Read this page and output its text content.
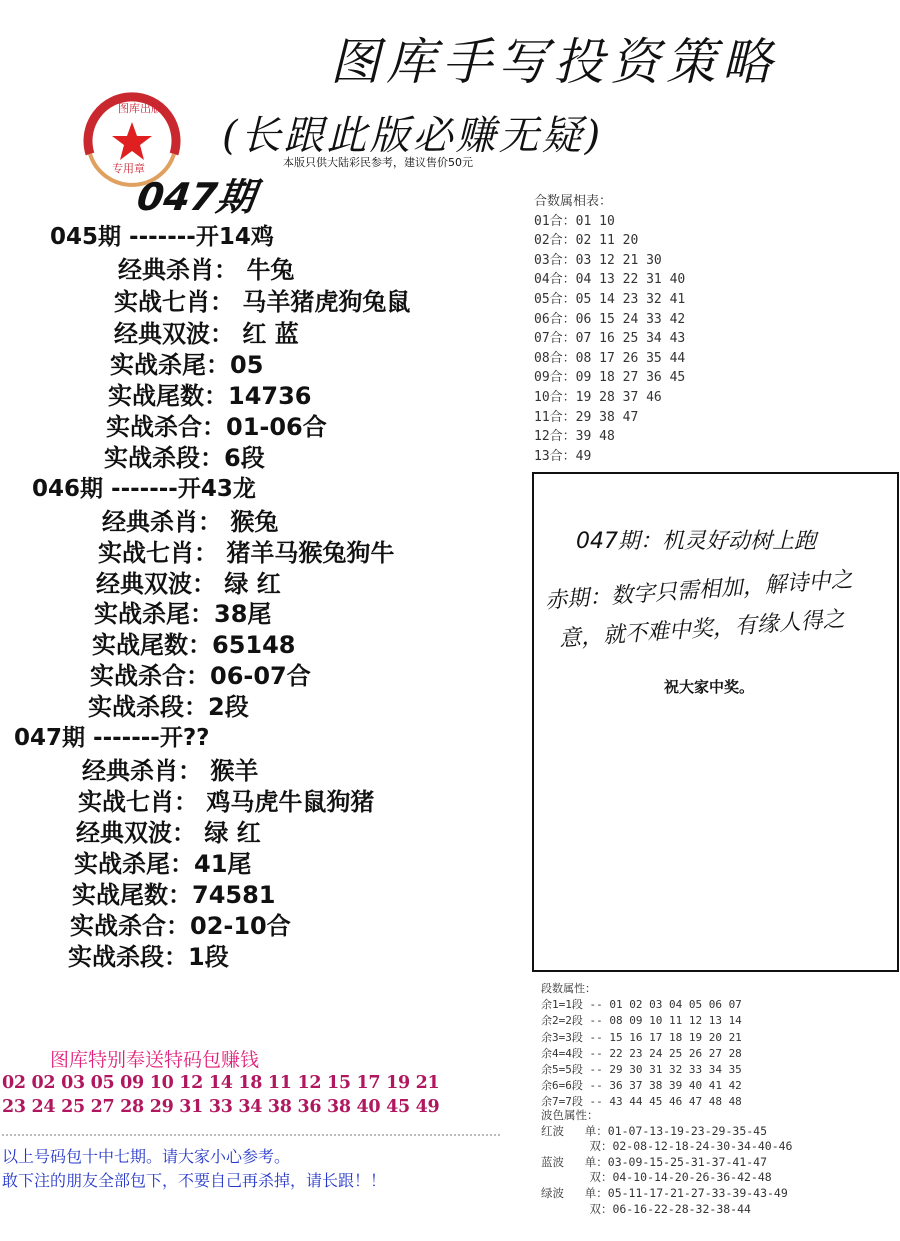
图库手写投资策略
图库出版
专用章
(长跟此版必赚无疑)
本版只供大陆彩民参考，建议售价50元
047期
045期 -------开14鸡
经典杀肖： 牛兔
实战七肖： 马羊猪虎狗兔鼠
经典双波： 红 蓝
实战杀尾：05
实战尾数：14736
实战杀合：01-06合
实战杀段：6段
046期 -------开43龙
经典杀肖： 猴兔
实战七肖： 猪羊马猴兔狗牛
经典双波： 绿 红
实战杀尾：38尾
实战尾数：65148
实战杀合：06-07合
实战杀段：2段
047期 -------开??
经典杀肖： 猴羊
实战七肖： 鸡马虎牛鼠狗猪
经典双波： 绿 红
实战杀尾：41尾
实战尾数：74581
实战杀合：02-10合
实战杀段：1段
合数属相表：
01合：01 10
02合：02 11 20
03合：03 12 21 30
04合：04 13 22 31 40
05合：05 14 23 32 41
06合：06 15 24 33 42
07合：07 16 25 34 43
08合：08 17 26 35 44
09合：09 18 27 36 45
10合：19 28 37 46
11合：29 38 47
12合：39 48
13合：49
047期：机灵好动树上跑
赤期：数字只需相加，解诗中之
意，就不难中奖，有缘人得之
祝大家中奖。
段数属性：
余1=1段 -- 01 02 03 04 05 06 07
余2=2段 -- 08 09 10 11 12 13 14
余3=3段 -- 15 16 17 18 19 20 21
余4=4段 -- 22 23 24 25 26 27 28
余5=5段 -- 29 30 31 32 33 34 35
余6=6段 -- 36 37 38 39 40 41 42
余7=7段 -- 43 44 45 46 47 48 48
波色属性：
红波   单：01-07-13-19-23-29-35-45
双：02-08-12-18-24-30-34-40-46
蓝波   单：03-09-15-25-31-37-41-47
双：04-10-14-20-26-36-42-48
绿波   单：05-11-17-21-27-33-39-43-49
双：06-16-22-28-32-38-44
图库特别奉送特码包赚钱
02 02 03 05 09 10 12 14 18 11 12 15 17 19 21
23 24 25 27 28 29 31 33 34 38 36 38 40 45 49
以上号码包十中七期。请大家小心参考。
敢下注的朋友全部包下，不要自己再杀掉，请长跟！！
